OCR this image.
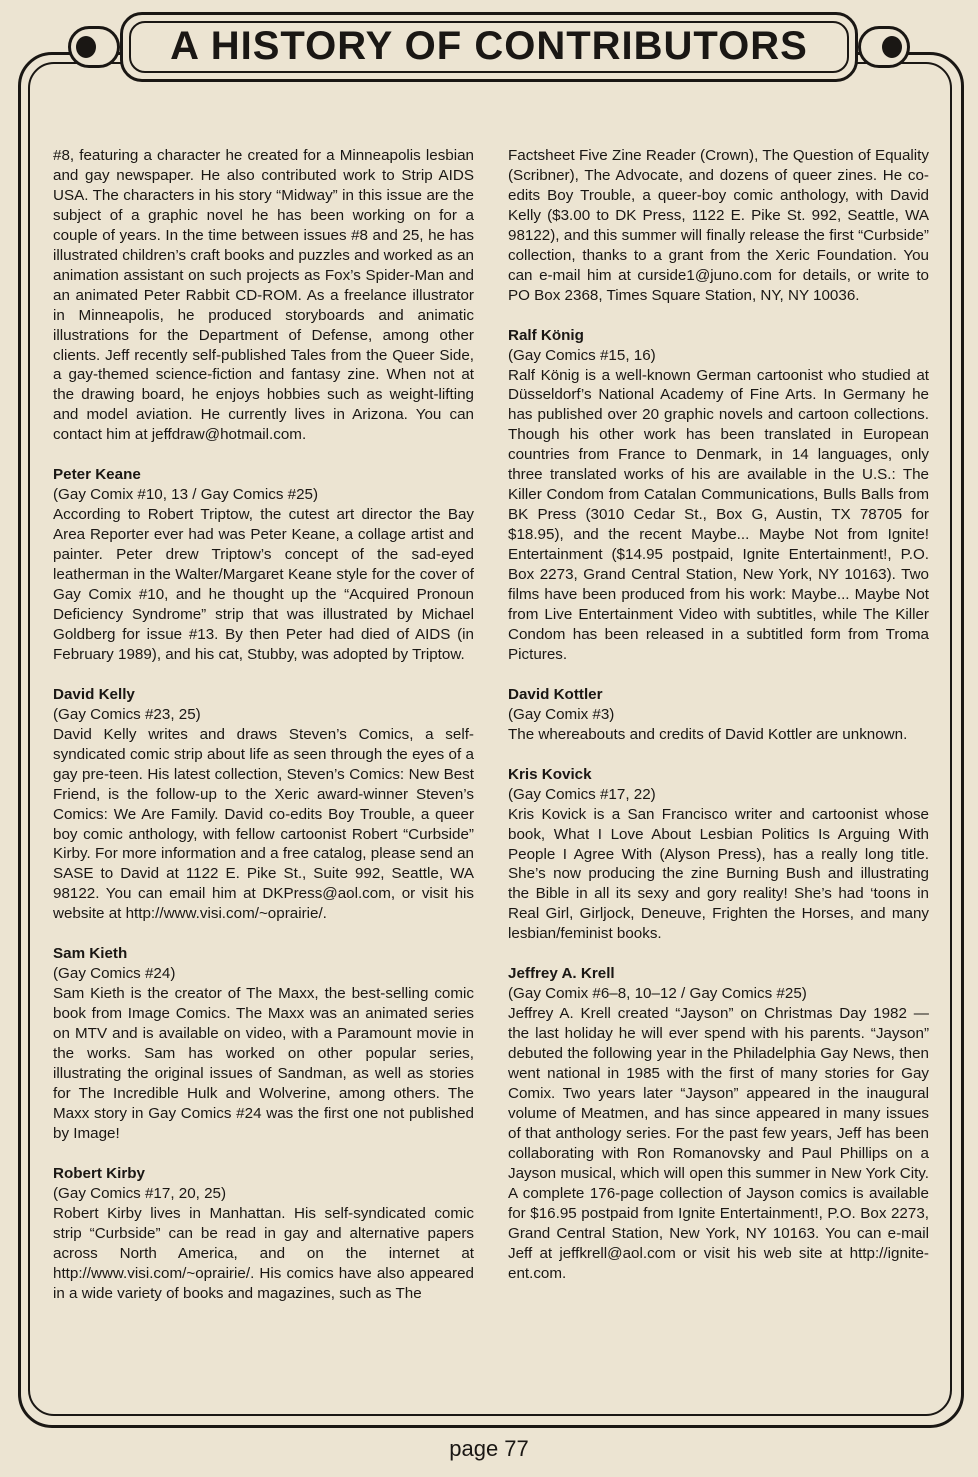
A HISTORY OF CONTRIBUTORS

#8, featuring a character he created for a Minneapolis lesbian and gay newspaper. He also contributed work to Strip AIDS USA. The characters in his story “Midway” in this issue are the subject of a graphic novel he has been working on for a couple of years. In the time between issues #8 and 25, he has illustrated children’s craft books and puzzles and worked as an animation assistant on such projects as Fox’s Spider-Man and an animated Peter Rabbit CD-ROM. As a freelance illustrator in Minneapolis, he produced storyboards and animatic illustrations for the Department of Defense, among other clients. Jeff recently self-published Tales from the Queer Side, a gay-themed science-fiction and fantasy zine. When not at the drawing board, he enjoys hobbies such as weight-lifting and model aviation. He currently lives in Arizona. You can contact him at jeffdraw@hotmail.com.

Peter Keane
(Gay Comix #10, 13 / Gay Comics #25)

According to Robert Triptow, the cutest art director the Bay Area Reporter ever had was Peter Keane, a collage artist and painter. Peter drew Triptow’s concept of the sad-eyed leatherman in the Walter/Margaret Keane style for the cover of Gay Comix #10, and he thought up the “Acquired Pronoun Deficiency Syndrome” strip that was illustrated by Michael Goldberg for issue #13. By then Peter had died of AIDS (in February 1989), and his cat, Stubby, was adopted by Triptow.

David Kelly
(Gay Comics #23, 25)

David Kelly writes and draws Steven’s Comics, a self-syndicated comic strip about life as seen through the eyes of a gay pre-teen. His latest collection, Steven’s Comics: New Best Friend, is the follow-up to the Xeric award-winner Steven’s Comics: We Are Family. David co-edits Boy Trouble, a queer boy comic anthology, with fellow cartoonist Robert “Curbside” Kirby. For more information and a free catalog, please send an SASE to David at 1122 E. Pike St., Suite 992, Seattle, WA 98122. You can email him at DKPress@aol.com, or visit his website at http://www.visi.com/~oprairie/.

Sam Kieth
(Gay Comics #24)

Sam Kieth is the creator of The Maxx, the best-selling comic book from Image Comics. The Maxx was an animated series on MTV and is available on video, with a Paramount movie in the works. Sam has worked on other popular series, illustrating the original issues of Sandman, as well as stories for The Incredible Hulk and Wolverine, among others. The Maxx story in Gay Comics #24 was the first one not published by Image!

Robert Kirby
(Gay Comics #17, 20, 25)

Robert Kirby lives in Manhattan. His self-syndicated comic strip “Curbside” can be read in gay and alternative papers across North America, and on the internet at http://www.visi.com/~oprairie/. His comics have also appeared in a wide variety of books and magazines, such as The

Factsheet Five Zine Reader (Crown), The Question of Equality (Scribner), The Advocate, and dozens of queer zines. He co-edits Boy Trouble, a queer-boy comic anthology, with David Kelly ($3.00 to DK Press, 1122 E. Pike St. 992, Seattle, WA 98122), and this summer will finally release the first “Curbside” collection, thanks to a grant from the Xeric Foundation. You can e-mail him at curside1@juno.com for details, or write to PO Box 2368, Times Square Station, NY, NY 10036.

Ralf König
(Gay Comics #15, 16)

Ralf König is a well-known German cartoonist who studied at Düsseldorf’s National Academy of Fine Arts. In Germany he has published over 20 graphic novels and cartoon collections. Though his other work has been translated in European countries from France to Denmark, in 14 languages, only three translated works of his are available in the U.S.: The Killer Condom from Catalan Communications, Bulls Balls from BK Press (3010 Cedar St., Box G, Austin, TX 78705 for $18.95), and the recent Maybe... Maybe Not from Ignite! Entertainment ($14.95 postpaid, Ignite Entertainment!, P.O. Box 2273, Grand Central Station, New York, NY 10163). Two films have been produced from his work: Maybe... Maybe Not from Live Entertainment Video with subtitles, while The Killer Condom has been released in a subtitled form from Troma Pictures.

David Kottler
(Gay Comix #3)

The whereabouts and credits of David Kottler are unknown.

Kris Kovick
(Gay Comics #17, 22)

Kris Kovick is a San Francisco writer and cartoonist whose book, What I Love About Lesbian Politics Is Arguing With People I Agree With (Alyson Press), has a really long title. She’s now producing the zine Burning Bush and illustrating the Bible in all its sexy and gory reality! She’s had ‘toons in Real Girl, Girljock, Deneuve, Frighten the Horses, and many lesbian/feminist books.

Jeffrey A. Krell
(Gay Comix #6–8, 10–12 / Gay Comics #25)

Jeffrey A. Krell created “Jayson” on Christmas Day 1982 — the last holiday he will ever spend with his parents. “Jayson” debuted the following year in the Philadelphia Gay News, then went national in 1985 with the first of many stories for Gay Comix. Two years later “Jayson” appeared in the inaugural volume of Meatmen, and has since appeared in many issues of that anthology series. For the past few years, Jeff has been collaborating with Ron Romanovsky and Paul Phillips on a Jayson musical, which will open this summer in New York City. A complete 176-page collection of Jayson comics is available for $16.95 postpaid from Ignite Entertainment!, P.O. Box 2273, Grand Central Station, New York, NY 10163. You can e-mail Jeff at jeffkrell@aol.com or visit his web site at http://ignite-ent.com.

page 77
